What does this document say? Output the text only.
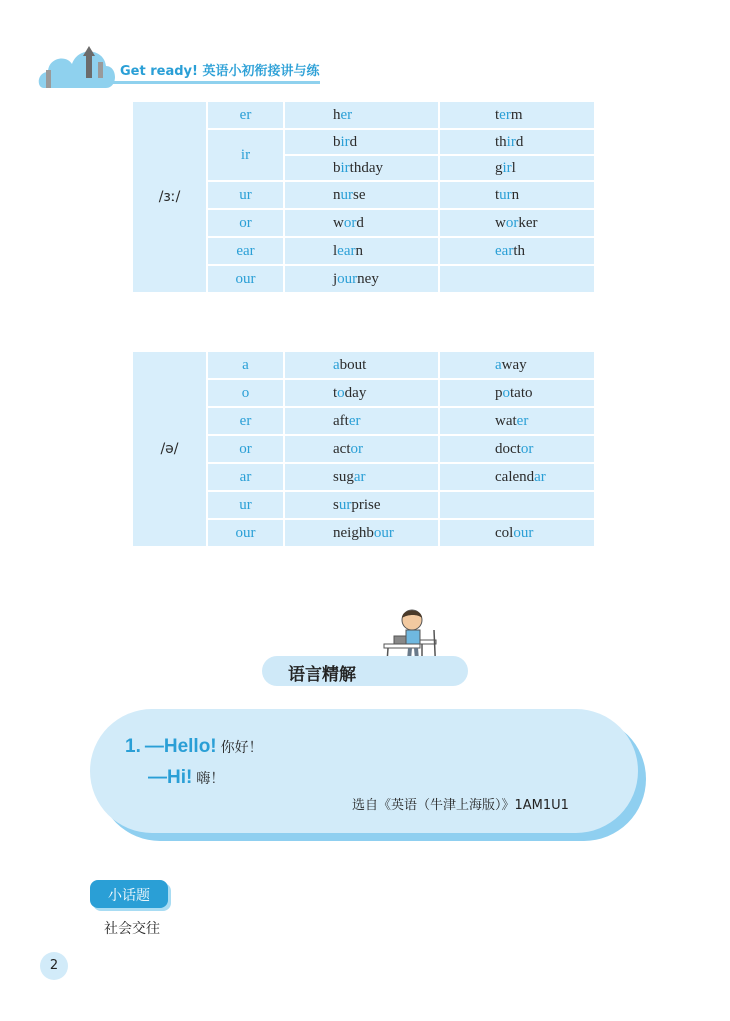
Get ready! 英语小初衔接讲与练
/ɜː/	er	her	term
	ir	bird	third
		birthday	girl
	ur	nurse	turn
	or	word	worker
	ear	learn	earth
	our	journey	
/ə/	a	about	away
	o	today	potato
	er	after	water
	or	actor	doctor
	ar	sugar	calendar
	ur	surprise	
	our	neighbour	colour
语言精解
1. —Hello! 你好！
—Hi! 嗨！
选自《英语（牛津上海版）》1AM1U1
小话题
社会交往
2
